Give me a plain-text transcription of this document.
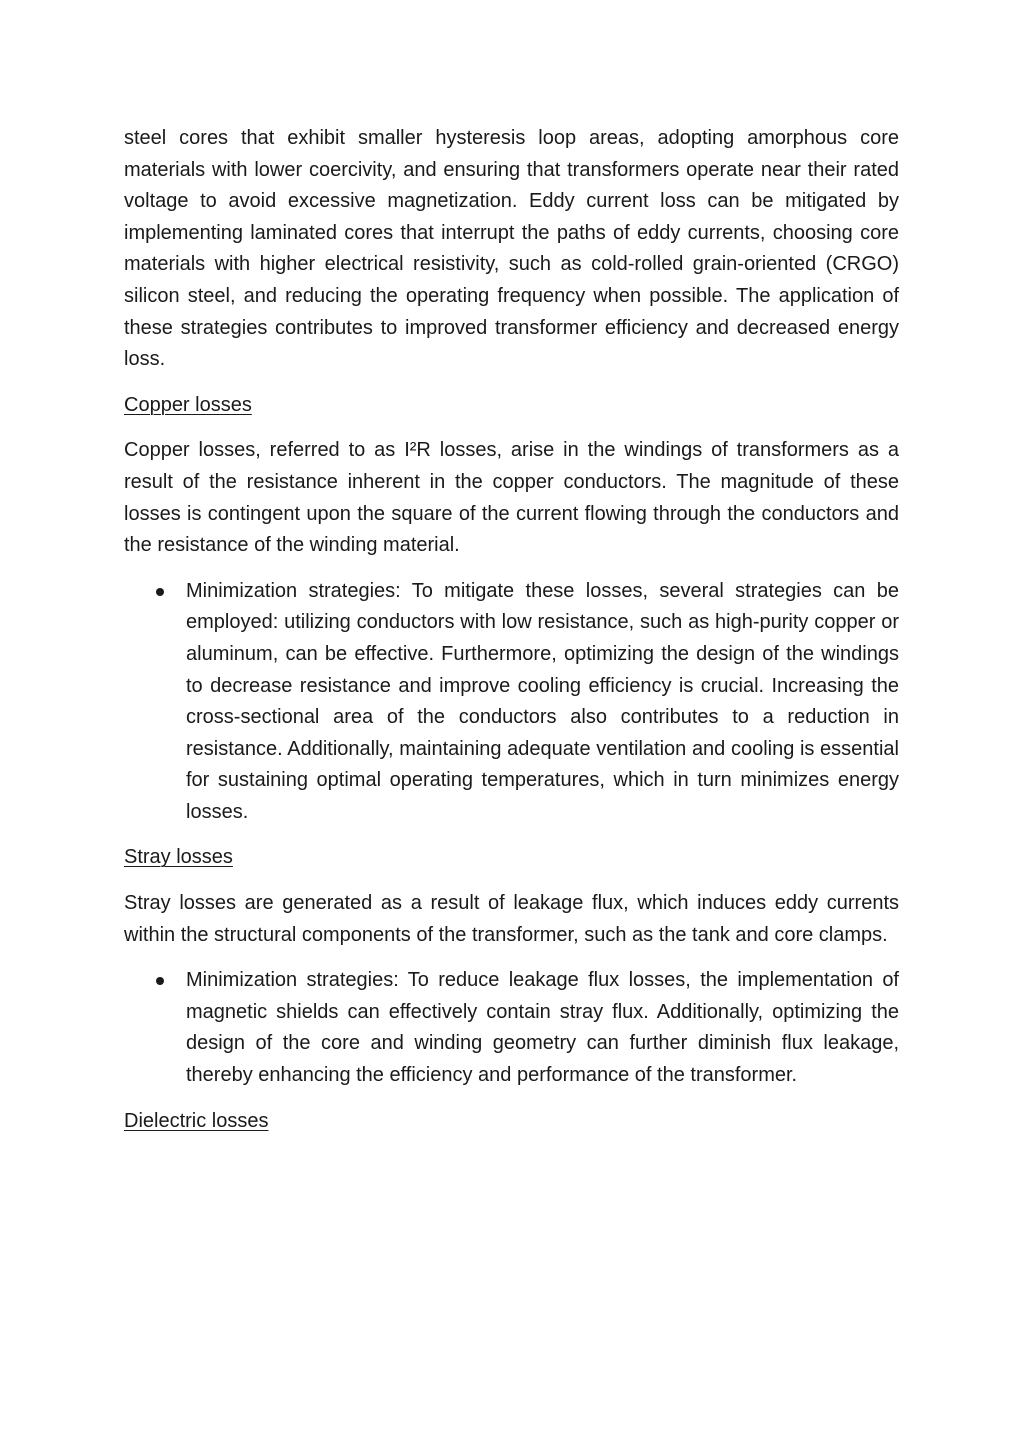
steel cores that exhibit smaller hysteresis loop areas, adopting amorphous core materials with lower coercivity, and ensuring that transformers operate near their rated voltage to avoid excessive magnetization. Eddy current loss can be mitigated by implementing laminated cores that interrupt the paths of eddy currents, choosing core materials with higher electrical resistivity, such as cold-rolled grain-oriented (CRGO) silicon steel, and reducing the operating frequency when possible. The application of these strategies contributes to improved transformer efficiency and decreased energy loss.

Copper losses

Copper losses, referred to as I²R losses, arise in the windings of transformers as a result of the resistance inherent in the copper conductors. The magnitude of these losses is contingent upon the square of the current flowing through the conductors and the resistance of the winding material.

Minimization strategies: To mitigate these losses, several strategies can be employed: utilizing conductors with low resistance, such as high-purity copper or aluminum, can be effective. Furthermore, optimizing the design of the windings to decrease resistance and improve cooling efficiency is crucial. Increasing the cross-sectional area of the conductors also contributes to a reduction in resistance. Additionally, maintaining adequate ventilation and cooling is essential for sustaining optimal operating temperatures, which in turn minimizes energy losses.

Stray losses

Stray losses are generated as a result of leakage flux, which induces eddy currents within the structural components of the transformer, such as the tank and core clamps.

Minimization strategies: To reduce leakage flux losses, the implementation of magnetic shields can effectively contain stray flux. Additionally, optimizing the design of the core and winding geometry can further diminish flux leakage, thereby enhancing the efficiency and performance of the transformer.

Dielectric losses
